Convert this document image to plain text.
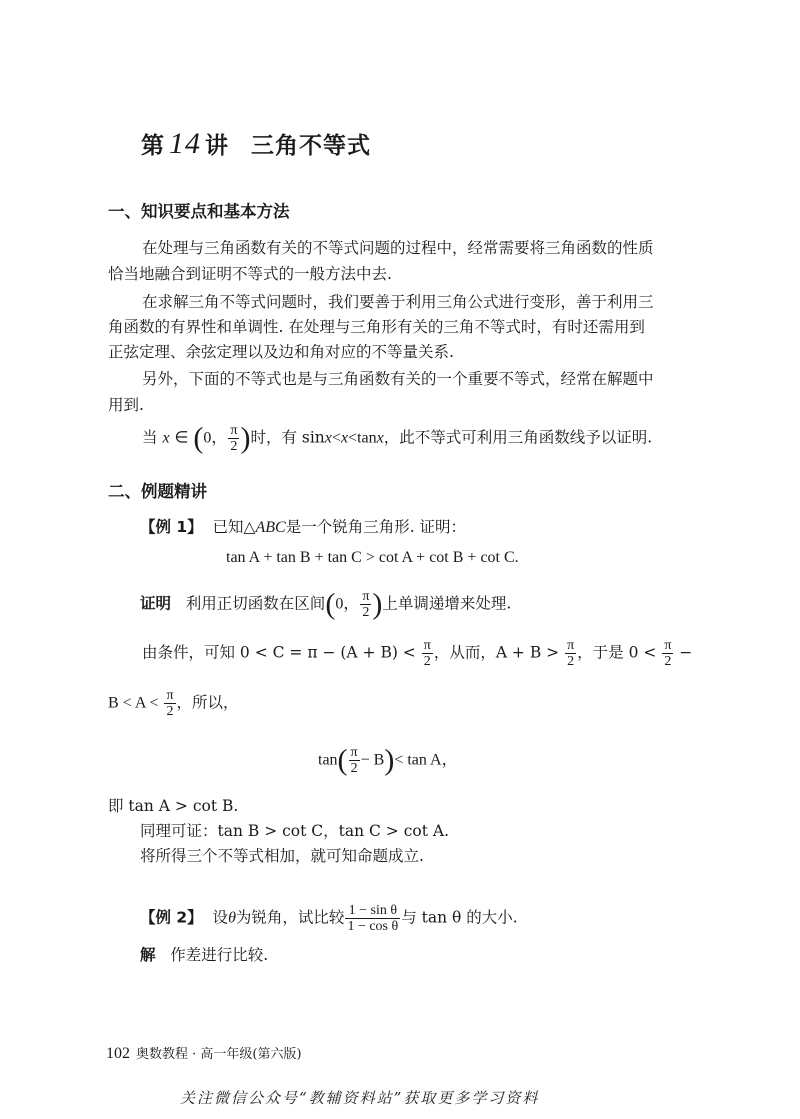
第 14 讲 三角不等式
一、知识要点和基本方法
在处理与三角函数有关的不等式问题的过程中，经常需要将三角函数的性质
恰当地融合到证明不等式的一般方法中去.
在求解三角不等式问题时，我们要善于利用三角公式进行变形，善于利用三
角函数的有界性和单调性. 在处理与三角形有关的三角不等式时，有时还需用到
正弦定理、余弦定理以及边和角对应的不等量关系.
另外，下面的不等式也是与三角函数有关的一个重要不等式，经常在解题中
用到.
当 x ∈ (0， $\frac{\pi}{2}$ )时，有 sinx<x<tanx，此不等式可利用三角函数线予以证明.
二、例题精讲
【例 1】 已知△ABC是一个锐角三角形. 证明：
tan A + tan B + tan C > cot A + cot B + cot C.
证明 利用正切函数在区间(0， $\frac{\pi}{2}$ )上单调递增来处理.
由条件，可知 $0 < C = \pi - (A + B) < \frac{\pi}{2}$ ，从而，$A + B > \frac{\pi}{2}$ ，于是 $0 < \frac{\pi}{2}$ −
$B < A < \frac{\pi}{2}$ ，所以，
$\tan( \frac{\pi}{2} - B)< \tan A$，
即 tan A > cot B.
同理可证：tan B > cot C，tan C > cot A.
将所得三个不等式相加，就可知命题成立.
【例 2】 设θ为锐角，试比较 $\frac{\text{1 − sin θ}}{\text{1 − cos θ}}$ 与 tan θ 的大小.
解 作差进行比较.
102 奥数教程 · 高一年级(第六版)
关注微信公众号“教辅资料站”获取更多学习资料
